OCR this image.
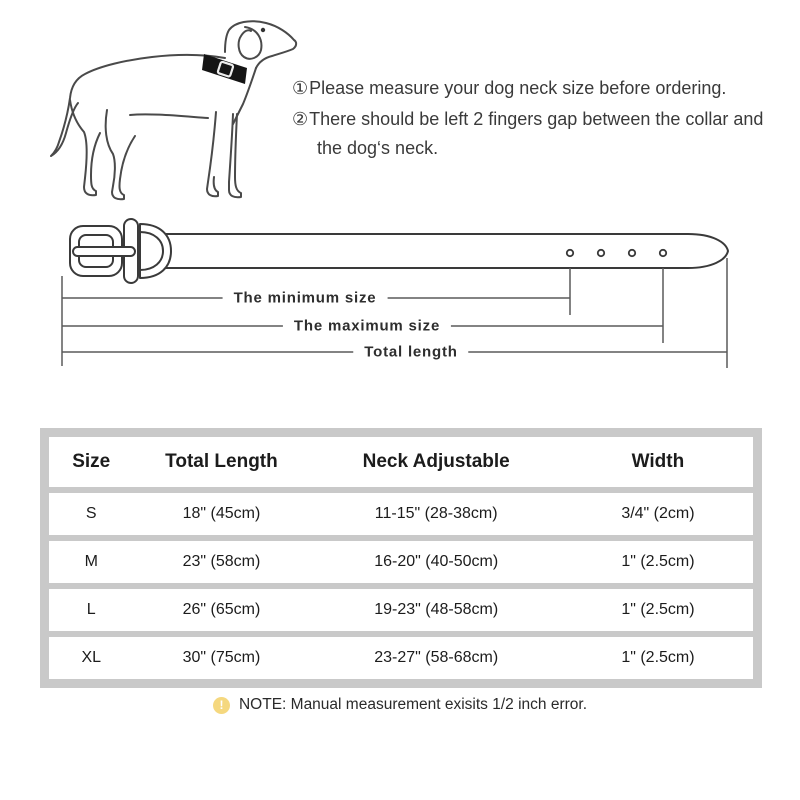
①Please measure your dog neck size before ordering.

②There should be left 2 fingers gap between the collar and the dog‘s neck.

The minimum size
The maximum size
Total length
Size	Total Length	Neck Adjustable	Width
S	18" (45cm)	11-15" (28-38cm)	3/4" (2cm)
M	23" (58cm)	16-20" (40-50cm)	1" (2.5cm)
L	26" (65cm)	19-23" (48-58cm)	1" (2.5cm)
XL	30" (75cm)	23-27" (58-68cm)	1" (2.5cm)
!	NOTE: Manual measurement exisits 1/2 inch error.
